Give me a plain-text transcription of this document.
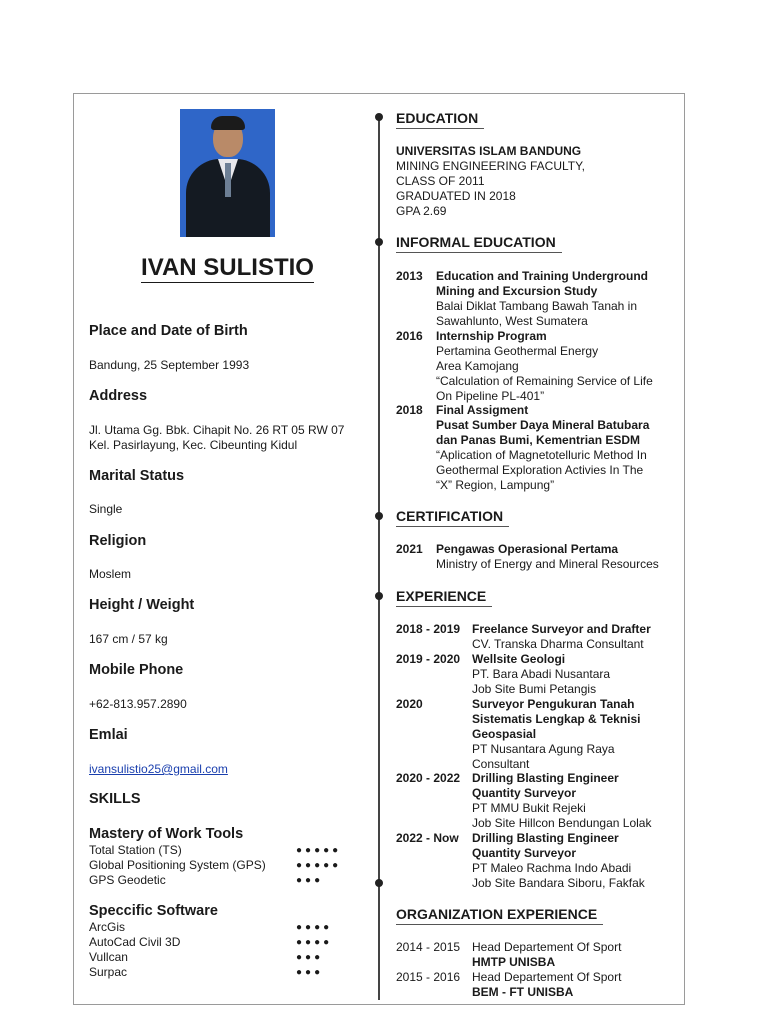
IVAN SULISTIO
Place and Date of Birth
Bandung, 25 September 1993
Address
Jl. Utama Gg. Bbk. Cihapit No. 26 RT 05 RW 07
Kel. Pasirlayung, Kec. Cibeunting Kidul
Marital Status
Single
Religion
Moslem
Height / Weight
167 cm / 57 kg
Mobile Phone
+62-813.957.2890
Emlai
ivansulistio25@gmail.com
SKILLS
Mastery of Work Tools
Total Station (TS)	●●●●●
Global Positioning System (GPS)	●●●●●
GPS Geodetic	●●●
Speccific Software
ArcGis	●●●●
AutoCad Civil 3D	●●●●
Vullcan	●●●
Surpac	●●●
EDUCATION
UNIVERSITAS ISLAM BANDUNG
MINING ENGINEERING FACULTY,
CLASS OF 2011
GRADUATED IN 2018
GPA 2.69
INFORMAL EDUCATION
2013 Education and Training Underground
Mining and Excursion Study
Balai Diklat Tambang Bawah Tanah in
Sawahlunto, West Sumatera
2016 Internship Program
Pertamina Geothermal Energy
Area Kamojang
“Calculation of Remaining Service of Life
On Pipeline PL-401”
2018 Final Assigment
Pusat Sumber Daya Mineral Batubara
dan Panas Bumi, Kementrian ESDM
“Aplication of Magnetotelluric Method In
Geothermal Exploration Activies In The
“X” Region, Lampung”
CERTIFICATION
2021 Pengawas Operasional Pertama
Ministry of Energy and Mineral Resources
EXPERIENCE
2018 - 2019 Freelance Surveyor and Drafter
CV. Transka Dharma Consultant
2019 - 2020 Wellsite Geologi
PT. Bara Abadi Nusantara
Job Site Bumi Petangis
2020	Surveyor Pengukuran Tanah
Sistematis Lengkap & Teknisi
Geospasial
PT Nusantara Agung Raya
Consultant
2020 - 2022 Drilling Blasting Engineer
Quantity Surveyor
PT MMU Bukit Rejeki
Job Site Hillcon Bendungan Lolak
2022 - Now Drilling Blasting Engineer
Quantity Surveyor
PT Maleo Rachma Indo Abadi
Job Site Bandara Siboru, Fakfak
ORGANIZATION EXPERIENCE
2014 - 2015 Head Departement Of Sport
HMTP UNISBA
2015 - 2016 Head Departement Of Sport
BEM - FT UNISBA
